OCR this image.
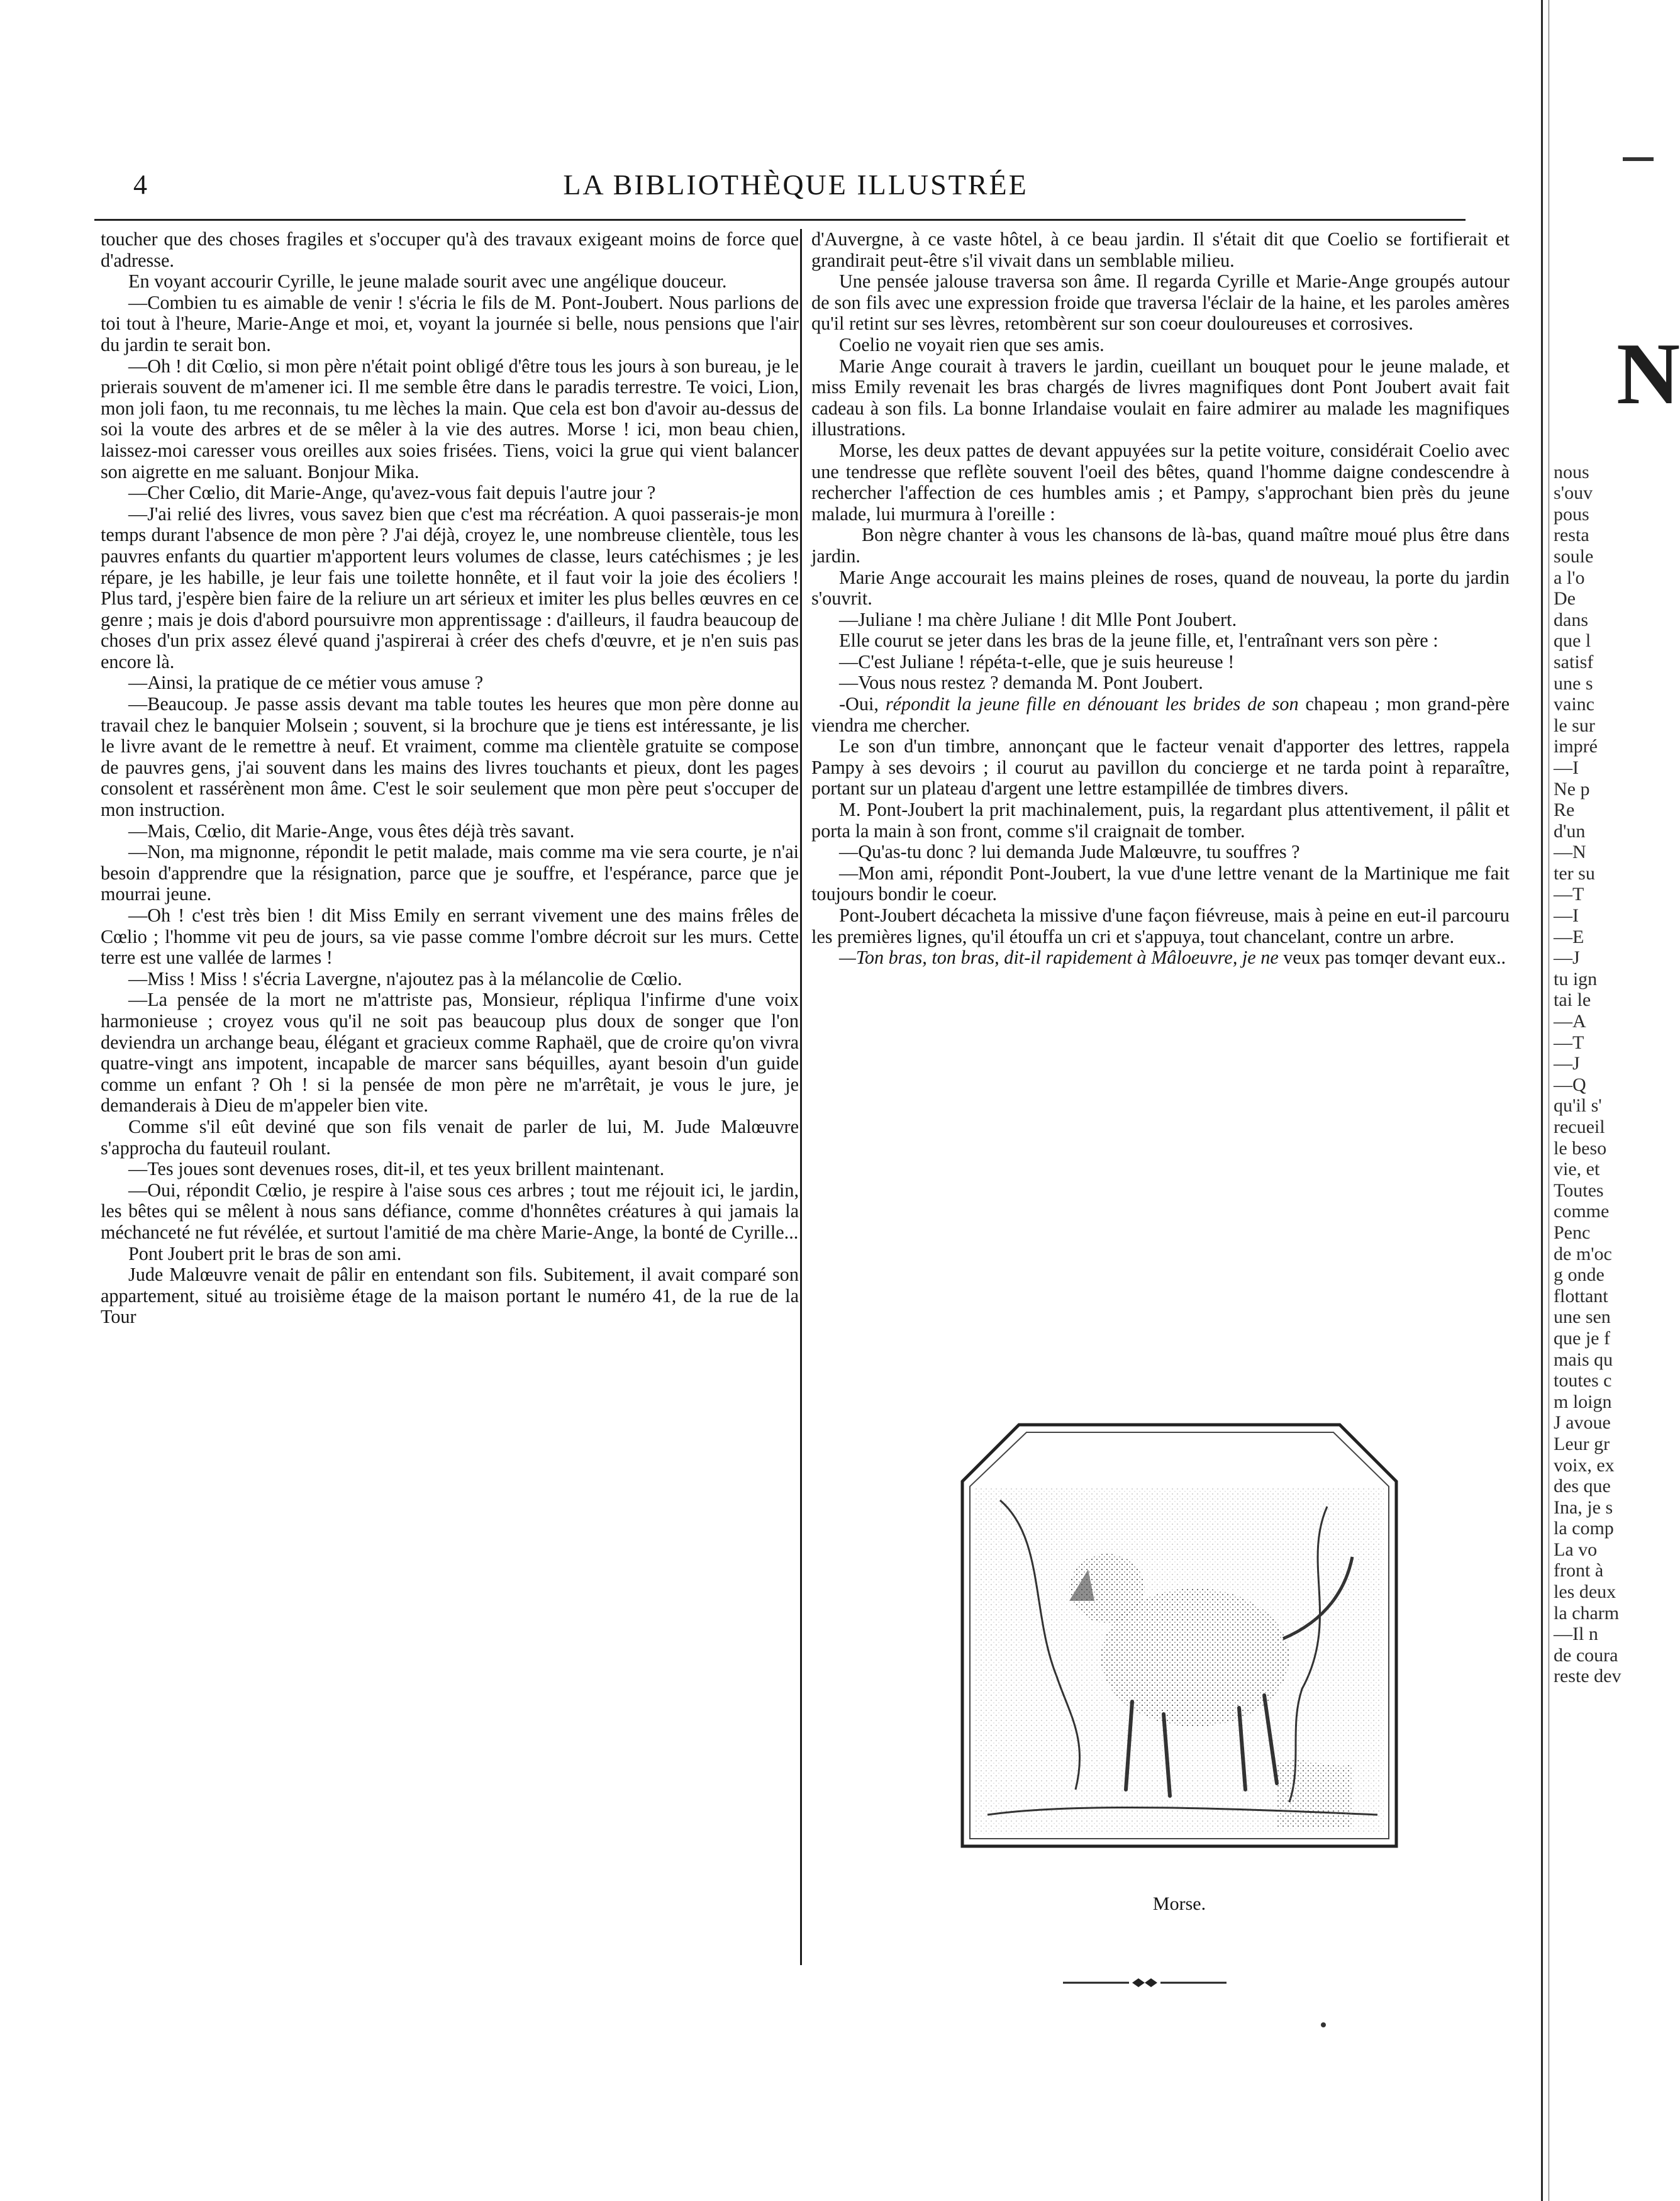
4	LA BIBLIOTHÈQUE ILLUSTRÉE

toucher que des choses fragiles et s'occuper qu'à des travaux exigeant moins de force que d'adresse.

En voyant accourir Cyrille, le jeune malade sourit avec une angélique douceur.

—Combien tu es aimable de venir ! s'écria le fils de M. Pont-Joubert. Nous parlions de toi tout à l'heure, Marie-Ange et moi, et, voyant la journée si belle, nous pensions que l'air du jardin te serait bon.

—Oh ! dit Cœlio, si mon père n'était point obligé d'être tous les jours à son bureau, je le prierais souvent de m'amener ici. Il me semble être dans le paradis terrestre. Te voici, Lion, mon joli faon, tu me reconnais, tu me lèches la main. Que cela est bon d'avoir au-dessus de soi la voute des arbres et de se mêler à la vie des autres. Morse ! ici, mon beau chien, laissez-moi caresser vous oreilles aux soies frisées. Tiens, voici la grue qui vient balancer son aigrette en me saluant. Bonjour Mika.

—Cher Cœlio, dit Marie-Ange, qu'avez-vous fait depuis l'autre jour ?

—J'ai relié des livres, vous savez bien que c'est ma récréation. A quoi passerais-je mon temps durant l'absence de mon père ? J'ai déjà, croyez le, une nombreuse clientèle, tous les pauvres enfants du quartier m'apportent leurs volumes de classe, leurs catéchismes ; je les répare, je les habille, je leur fais une toilette honnête, et il faut voir la joie des écoliers ! Plus tard, j'espère bien faire de la reliure un art sérieux et imiter les plus belles œuvres en ce genre ; mais je dois d'abord poursuivre mon apprentissage : d'ailleurs, il faudra beaucoup de choses d'un prix assez élevé quand j'aspirerai à créer des chefs d'œuvre, et je n'en suis pas encore là.

—Ainsi, la pratique de ce métier vous amuse ?

—Beaucoup. Je passe assis devant ma table toutes les heures que mon père donne au travail chez le banquier Molsein ; souvent, si la brochure que je tiens est intéressante, je lis le livre avant de le remettre à neuf. Et vraiment, comme ma clientèle gratuite se compose de pauvres gens, j'ai souvent dans les mains des livres touchants et pieux, dont les pages consolent et rassérènent mon âme. C'est le soir seulement que mon père peut s'occuper de mon instruction.

—Mais, Cœlio, dit Marie-Ange, vous êtes déjà très savant.

—Non, ma mignonne, répondit le petit malade, mais comme ma vie sera courte, je n'ai besoin d'apprendre que la résignation, parce que je souffre, et l'espérance, parce que je mourrai jeune.

—Oh ! c'est très bien ! dit Miss Emily en serrant vivement une des mains frêles de Cœlio ; l'homme vit peu de jours, sa vie passe comme l'ombre décroit sur les murs. Cette terre est une vallée de larmes !

—Miss ! Miss ! s'écria Lavergne, n'ajoutez pas à la mélancolie de Cœlio.

—La pensée de la mort ne m'attriste pas, Monsieur, répliqua l'infirme d'une voix harmonieuse ; croyez vous qu'il ne soit pas beaucoup plus doux de songer que l'on deviendra un archange beau, élégant et gracieux comme Raphaël, que de croire qu'on vivra quatre-vingt ans impotent, incapable de marcer sans béquilles, ayant besoin d'un guide comme un enfant ? Oh ! si la pensée de mon père ne m'arrêtait, je vous le jure, je demanderais à Dieu de m'appeler bien vite.

Comme s'il eût deviné que son fils venait de parler de lui, M. Jude Malœuvre s'approcha du fauteuil roulant.

—Tes joues sont devenues roses, dit-il, et tes yeux brillent maintenant.

—Oui, répondit Cœlio, je respire à l'aise sous ces arbres ; tout me réjouit ici, le jardin, les bêtes qui se mêlent à nous sans défiance, comme d'honnêtes créatures à qui jamais la méchanceté ne fut révélée, et surtout l'amitié de ma chère Marie-Ange, la bonté de Cyrille...

Pont Joubert prit le bras de son ami.

Jude Malœuvre venait de pâlir en entendant son fils. Subitement, il avait comparé son appartement, situé au troisième étage de la maison portant le numéro 41, de la rue de la Tour

d'Auvergne, à ce vaste hôtel, à ce beau jardin. Il s'était dit que Coelio se fortifierait et grandirait peut-être s'il vivait dans un semblable milieu.

Une pensée jalouse traversa son âme. Il regarda Cyrille et Marie-Ange groupés autour de son fils avec une expression froide que traversa l'éclair de la haine, et les paroles amères qu'il retint sur ses lèvres, retombèrent sur son coeur douloureuses et corrosives.

Coelio ne voyait rien que ses amis.

Marie Ange courait à travers le jardin, cueillant un bouquet pour le jeune malade, et miss Emily revenait les bras chargés de livres magnifiques dont Pont Joubert avait fait cadeau à son fils. La bonne Irlandaise voulait en faire admirer au malade les magnifiques illustrations.

Morse, les deux pattes de devant appuyées sur la petite voiture, considérait Coelio avec une tendresse que reflète souvent l'oeil des bêtes, quand l'homme daigne condescendre à rechercher l'affection de ces humbles amis ; et Pampy, s'approchant bien près du jeune malade, lui murmura à l'oreille :

Bon nègre chanter à vous les chansons de là-bas, quand maître moué plus être dans jardin.

Marie Ange accourait les mains pleines de roses, quand de nouveau, la porte du jardin s'ouvrit.

—Juliane ! ma chère Juliane ! dit Mlle Pont Joubert.

Elle courut se jeter dans les bras de la jeune fille, et, l'entraînant vers son père :

—C'est Juliane ! répéta-t-elle, que je suis heureuse !

—Vous nous restez ? demanda M. Pont Joubert.

-Oui, répondit la jeune fille en dénouant les brides de son chapeau ; mon grand-père viendra me chercher.

Le son d'un timbre, annonçant que le facteur venait d'apporter des lettres, rappela Pampy à ses devoirs ; il courut au pavillon du concierge et ne tarda point à reparaître, portant sur un plateau d'argent une lettre estampillée de timbres divers.

M. Pont-Joubert la prit machinalement, puis, la regardant plus attentivement, il pâlit et porta la main à son front, comme s'il craignait de tomber.

—Qu'as-tu donc ? lui demanda Jude Malœuvre, tu souffres ?

—Mon ami, répondit Pont-Joubert, la vue d'une lettre venant de la Martinique me fait toujours bondir le coeur.

Pont-Joubert décacheta la missive d'une façon fiévreuse, mais à peine en eut-il parcouru les premières lignes, qu'il étouffa un cri et s'appuya, tout chancelant, contre un arbre.

—Ton bras, ton bras, dit-il rapidement à Mâloeuvre, je ne veux pas tomqer devant eux..

Morse.
N

nous
s'ouv
pous
resta
soule
a l'o
De
dans
que l
satisf
une s
vainc
le sur
impré
—I
Ne p
Re
d'un
—N
ter su
—T
—I
—E
—J
tu ign
tai le
—A
—T
—J
—Q
qu'il s'
recueil
le beso
vie, et
Toutes
comme
Penc
de m'oc
g onde
flottant
une sen
que je f
mais qu
toutes c
m loign
J avoue
Leur gr
voix, ex
des que
Ina, je s
la comp
La vo
front à
les deux
la charm
—Il n
de coura
reste dev
